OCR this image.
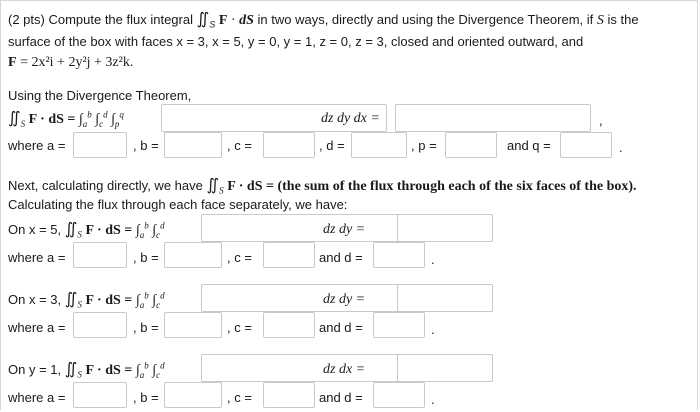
(2 pts) Compute the flux integral $∬_S$ F · dS in two ways, directly and using the Divergence Theorem, if S is the
surface of the box with faces x = 3, x = 5, y = 0, y = 1, z = 0, z = 3, closed and oriented outward, and
F = 2x²i + 2y²j + 3z²k.
Using the Divergence Theorem,
$∬_S$ F · dS = $\int_a^b$ $\int_c^d$ $\int_p^q$	dz dy dx =	,
where a =	, b =	, c =	, d =	, p =	and q =	.
Next, calculating directly, we have $∬_S$ F · dS = (the sum of the flux through each of the six faces of the box).
Calculating the flux through each face separately, we have:
On x = 5, $∬_S$ F · dS = $\int_a^b$ $\int_c^d$	dz dy =
where a =	, b =	, c =	and d =	.
On x = 3, $∬_S$ F · dS = $\int_a^b$ $\int_c^d$	dz dy =
where a =	, b =	, c =	and d =	.
On y = 1, $∬_S$ F · dS = $\int_a^b$ $\int_c^d$	dz dx =
where a =	, b =	, c =	and d =	.
